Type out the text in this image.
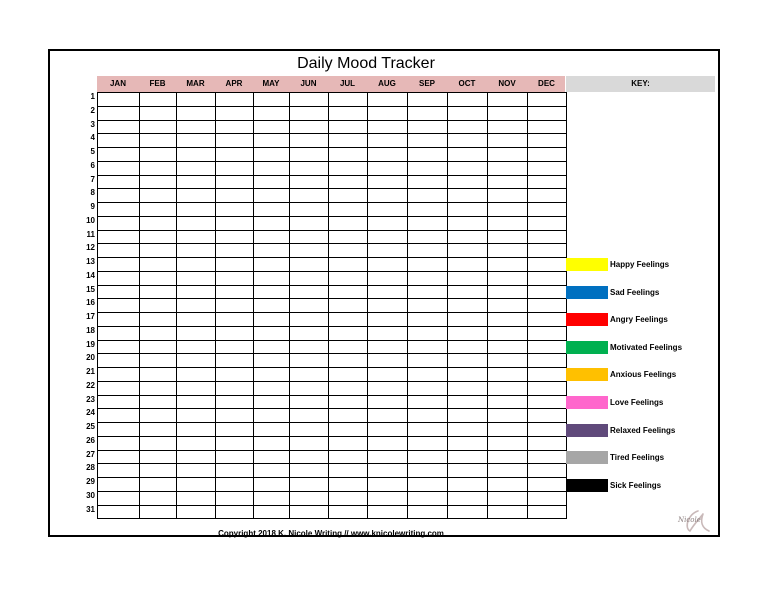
Daily Mood Tracker
KEY:

Copyright 2018 K. Nicole Writing // www.knicolewriting.com
Nicole
JAN	FEB	MAR	APR	MAY	JUN	JUL	AUG	SEP	OCT	NOV	DEC
1
2
3
4
5
6
7
8
9
10
11
12
13
14
15
16
17
18
19
20
21
22
23
24
25
26
27
28
29
30
31
Happy Feelings
Sad Feelings
Angry Feelings
Motivated Feelings
Anxious Feelings
Love Feelings
Relaxed Feelings
Tired Feelings
Sick Feelings
